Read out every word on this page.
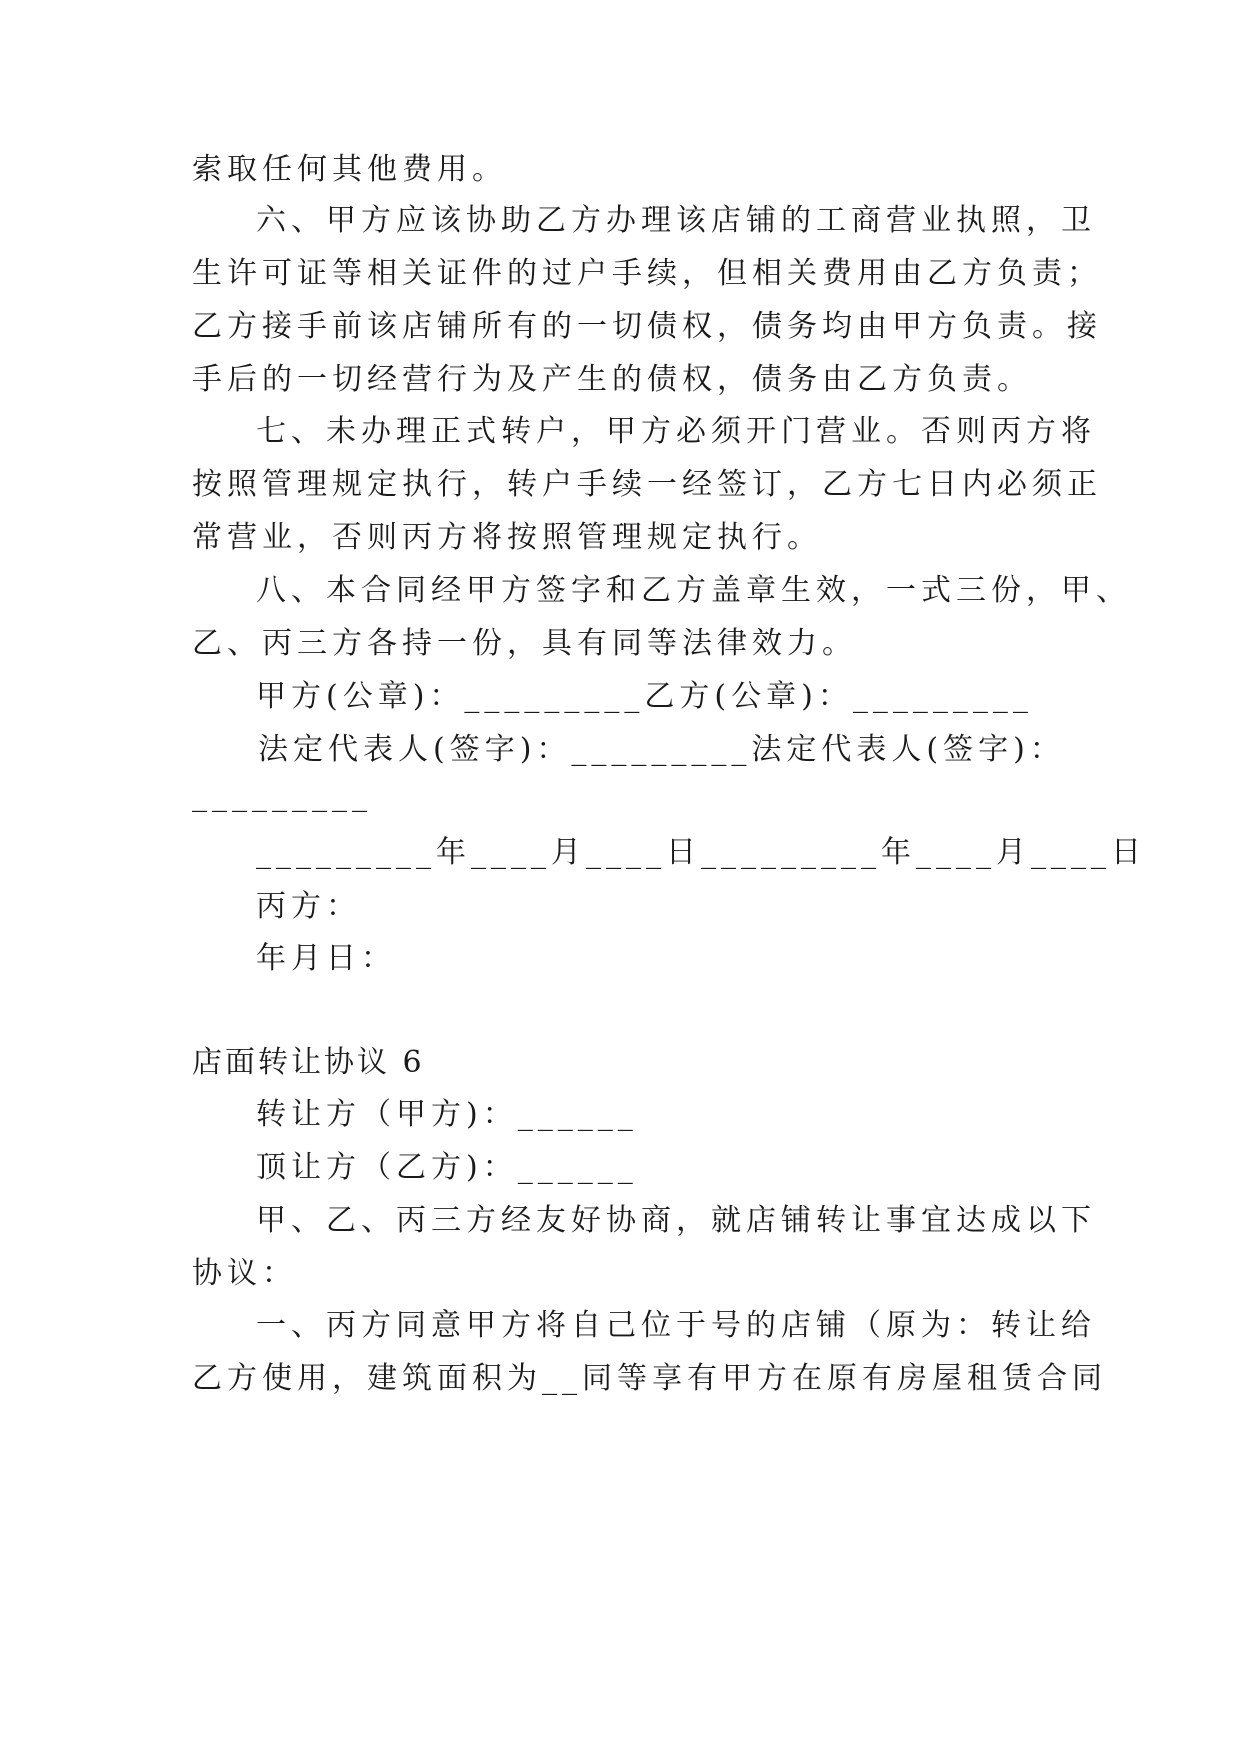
索取任何其他费用。
六、甲方应该协助乙方办理该店铺的工商营业执照，卫
生许可证等相关证件的过户手续，但相关费用由乙方负责；
乙方接手前该店铺所有的一切债权，债务均由甲方负责。接
手后的一切经营行为及产生的债权，债务由乙方负责。
七、未办理正式转户，甲方必须开门营业。否则丙方将
按照管理规定执行，转户手续一经签订，乙方七日内必须正
常营业，否则丙方将按照管理规定执行。
八、本合同经甲方签字和乙方盖章生效，一式三份，甲、
乙、丙三方各持一份，具有同等法律效力。
甲方(公章)：_________乙方(公章)：_________
法定代表人(签字)：_________法定代表人(签字)：
_________
_________年____月____日_________年____月____日
丙方：
年月日：
店面转让协议 6
转让方（甲方)：______
顶让方（乙方)：______
甲、乙、丙三方经友好协商，就店铺转让事宜达成以下
协议：
一、丙方同意甲方将自己位于号的店铺（原为：转让给
乙方使用，建筑面积为__同等享有甲方在原有房屋租赁合同
